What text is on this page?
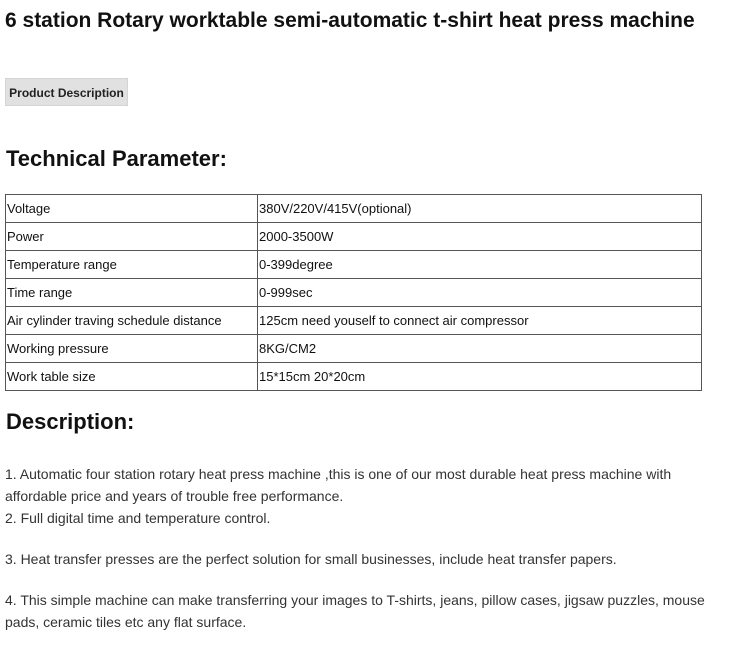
6 station Rotary worktable semi-automatic t-shirt heat press machine
Product Description
Technical Parameter:
Voltage	380V/220V/415V(optional)
Power	2000-3500W
Temperature range	0-399degree
Time range	0-999sec
Air cylinder traving schedule distance	125cm need youself to connect air compressor
Working pressure	8KG/CM2
Work table size	15*15cm 20*20cm
Description:

1. Automatic four station rotary heat press machine ,this is one of our most durable heat press machine with affordable price and years of trouble free performance.

2. Full digital time and temperature control.

3. Heat transfer presses are the perfect solution for small businesses, include heat transfer papers.

4. This simple machine can make transferring your images to T-shirts, jeans, pillow cases, jigsaw puzzles, mouse pads, ceramic tiles etc any flat surface.
